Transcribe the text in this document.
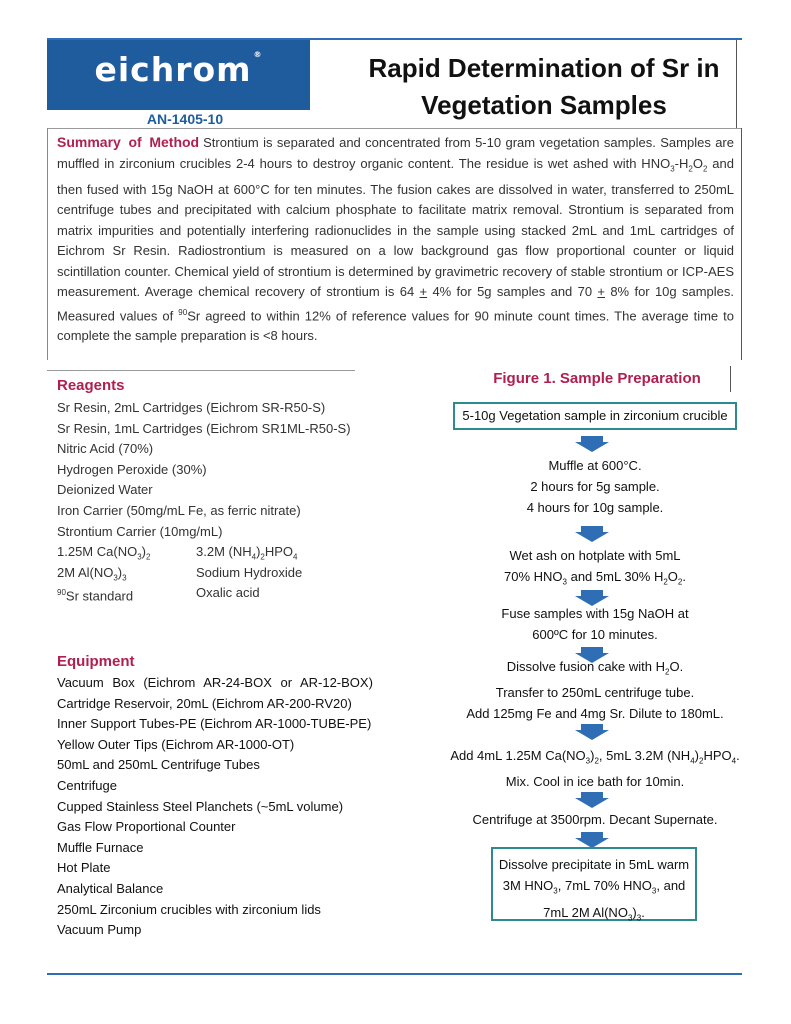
eichrom ®
AN-1405-10
Rapid Determination of Sr in
Vegetation Samples
Summary of Method Strontium is separated and concentrated from 5-10 gram vegetation samples. Samples are muffled in zirconium crucibles 2-4 hours to destroy organic content. The residue is wet ashed with $HNO_3-H_2O_2$ and then fused with 15g NaOH at 600°C for ten minutes. The fusion cakes are dissolved in water, transferred to 250mL centrifuge tubes and precipitated with calcium phosphate to facilitate matrix removal. Strontium is separated from matrix impurities and potentially interfering radionuclides in the sample using stacked 2mL and 1mL cartridges of Eichrom Sr Resin. Radiostrontium is measured on a low background gas flow proportional counter or liquid scintillation counter. Chemical yield of strontium is determined by gravimetric recovery of stable strontium or ICP-AES measurement. Average chemical recovery of strontium is 64 + 4% for 5g samples and 70 + 8% for 10g samples. Measured values of $^{90}$Sr agreed to within 12% of reference values for 90 minute count times. The average time to complete the sample preparation is <8 hours.
Reagents
Sr Resin, 2mL Cartridges (Eichrom SR-R50-S)
Sr Resin, 1mL Cartridges (Eichrom SR1ML-R50-S)
Nitric Acid (70%)
Hydrogen Peroxide (30%)
Deionized Water
Iron Carrier (50mg/mL Fe, as ferric nitrate)
Strontium Carrier (10mg/mL)
1.25M $Ca(NO_3)_2$
2M $Al(NO_3)_3$
$^{90}$Sr standard
3.2M $(NH_4)_2HPO_4$
Sodium Hydroxide
Oxalic acid
Equipment
Vacuum Box (Eichrom AR-24-BOX or AR-12-BOX)
Cartridge Reservoir, 20mL (Eichrom AR-200-RV20)
Inner Support Tubes-PE (Eichrom AR-1000-TUBE-PE)
Yellow Outer Tips (Eichrom AR-1000-OT)
50mL and 250mL Centrifuge Tubes
Centrifuge
Cupped Stainless Steel Planchets (~5mL volume)
Gas Flow Proportional Counter
Muffle Furnace
Hot Plate
Analytical Balance
250mL Zirconium crucibles with zirconium lids
Vacuum Pump
Figure 1. Sample Preparation
5-10g Vegetation sample in zirconium crucible
Muffle at 600°C.
2 hours for 5g sample.
4 hours for 10g sample.
Wet ash on hotplate with 5mL
70% $HNO_3$ and 5mL 30% $H_2O_2$.
Fuse samples with 15g NaOH at
600ºC for 10 minutes.
Dissolve fusion cake with $H_2O$.
Transfer to 250mL centrifuge tube.
Add 125mg Fe and 4mg Sr. Dilute to 180mL.
Add 4mL 1.25M $Ca(NO_3)_2$, 5mL 3.2M $(NH_4)_2HPO_4$.
Mix. Cool in ice bath for 10min.
Centrifuge at 3500rpm. Decant Supernate.
Dissolve precipitate in 5mL warm
3M $HNO_3$, 7mL 70% $HNO_3$, and
7mL 2M $Al(NO_3)_3$.
